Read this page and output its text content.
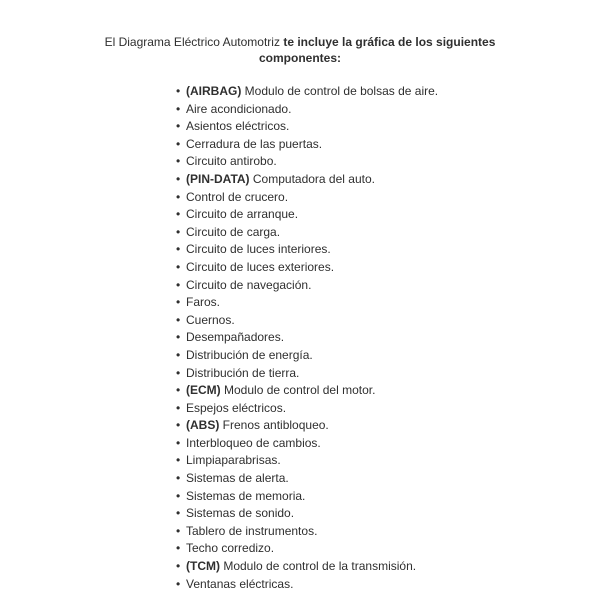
El Diagrama Eléctrico Automotriz te incluye la gráfica de los siguientes
componentes:
• (AIRBAG) Modulo de control de bolsas de aire.
• Aire acondicionado.
• Asientos eléctricos.
• Cerradura de las puertas.
• Circuito antirobo.
• (PIN-DATA) Computadora del auto.
• Control de crucero.
• Circuito de arranque.
• Circuito de carga.
• Circuito de luces interiores.
• Circuito de luces exteriores.
• Circuito de navegación.
• Faros.
• Cuernos.
• Desempañadores.
• Distribución de energía.
• Distribución de tierra.
• (ECM) Modulo de control del motor.
• Espejos eléctricos.
• (ABS) Frenos antibloqueo.
• Interbloqueo de cambios.
• Limpiaparabrisas.
• Sistemas de alerta.
• Sistemas de memoria.
• Sistemas de sonido.
• Tablero de instrumentos.
• Techo corredizo.
• (TCM) Modulo de control de la transmisión.
• Ventanas eléctricas.
